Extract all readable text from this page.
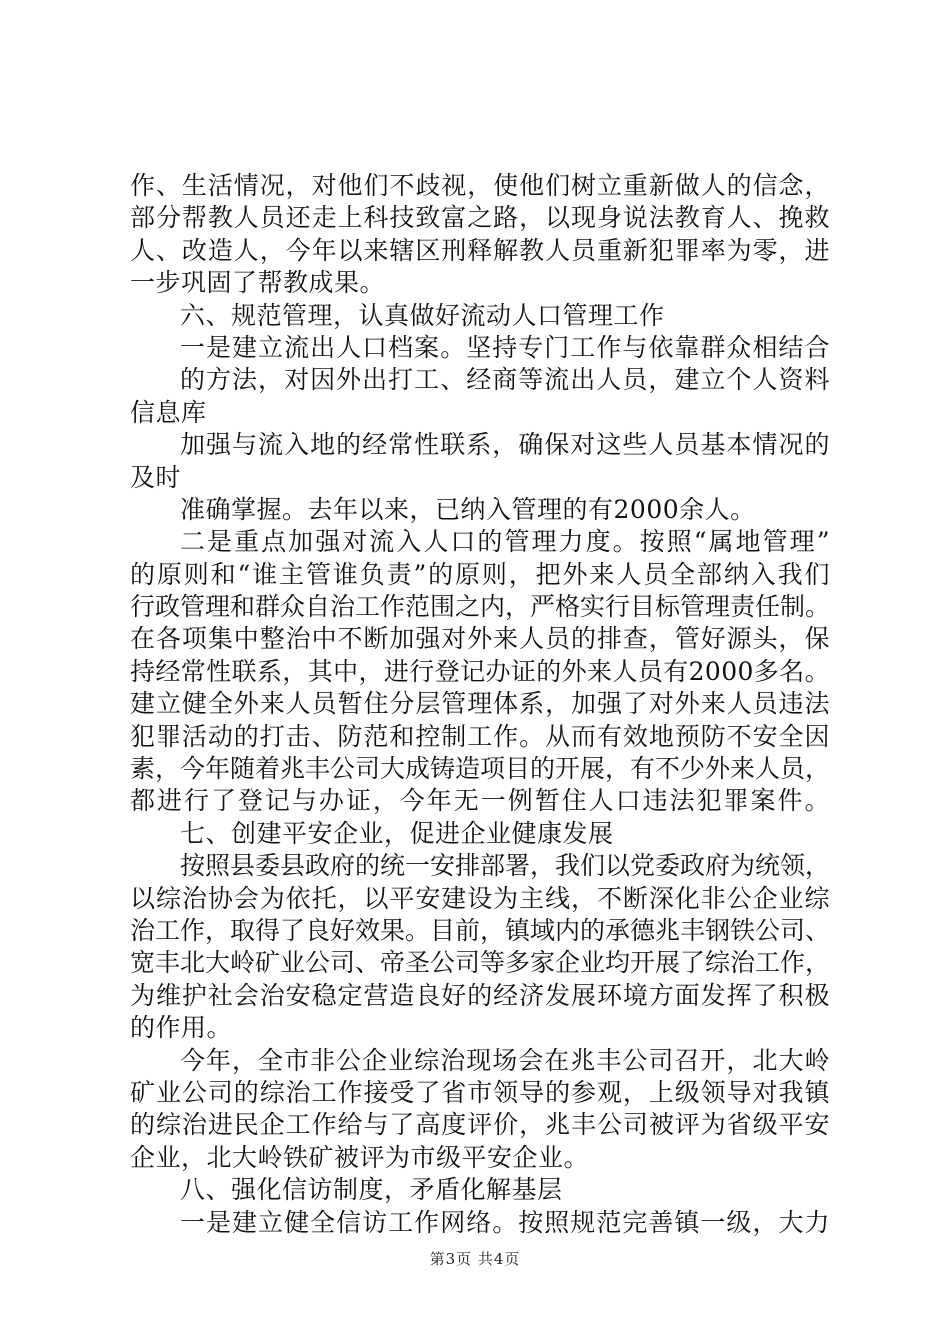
作、生活情况，对他们不歧视，使他们树立重新做人的信念，
部分帮教人员还走上科技致富之路，以现身说法教育人、挽救
人、改造人，今年以来辖区刑释解教人员重新犯罪率为零，进
一步巩固了帮教成果。
六、规范管理，认真做好流动人口管理工作
一是建立流出人口档案。坚持专门工作与依靠群众相结合
的方法，对因外出打工、经商等流出人员，建立个人资料
信息库
加强与流入地的经常性联系，确保对这些人员基本情况的
及时
准确掌握。去年以来，已纳入管理的有2000余人。
二是重点加强对流入人口的管理力度。按照“属地管理”
的原则和“谁主管谁负责”的原则，把外来人员全部纳入我们
行政管理和群众自治工作范围之内，严格实行目标管理责任制。
在各项集中整治中不断加强对外来人员的排查，管好源头，保
持经常性联系，其中，进行登记办证的外来人员有2000多名。
建立健全外来人员暂住分层管理体系，加强了对外来人员违法
犯罪活动的打击、防范和控制工作。从而有效地预防不安全因
素，今年随着兆丰公司大成铸造项目的开展，有不少外来人员，
都进行了登记与办证，今年无一例暂住人口违法犯罪案件。
七、创建平安企业，促进企业健康发展
按照县委县政府的统一安排部署，我们以党委政府为统领，
以综治协会为依托，以平安建设为主线，不断深化非公企业综
治工作，取得了良好效果。目前，镇域内的承德兆丰钢铁公司、
宽丰北大岭矿业公司、帝圣公司等多家企业均开展了综治工作，
为维护社会治安稳定营造良好的经济发展环境方面发挥了积极
的作用。
今年，全市非公企业综治现场会在兆丰公司召开，北大岭
矿业公司的综治工作接受了省市领导的参观，上级领导对我镇
的综治进民企工作给与了高度评价，兆丰公司被评为省级平安
企业，北大岭铁矿被评为市级平安企业。
八、强化信访制度，矛盾化解基层
一是建立健全信访工作网络。按照规范完善镇一级，大力
第3页 共4页
